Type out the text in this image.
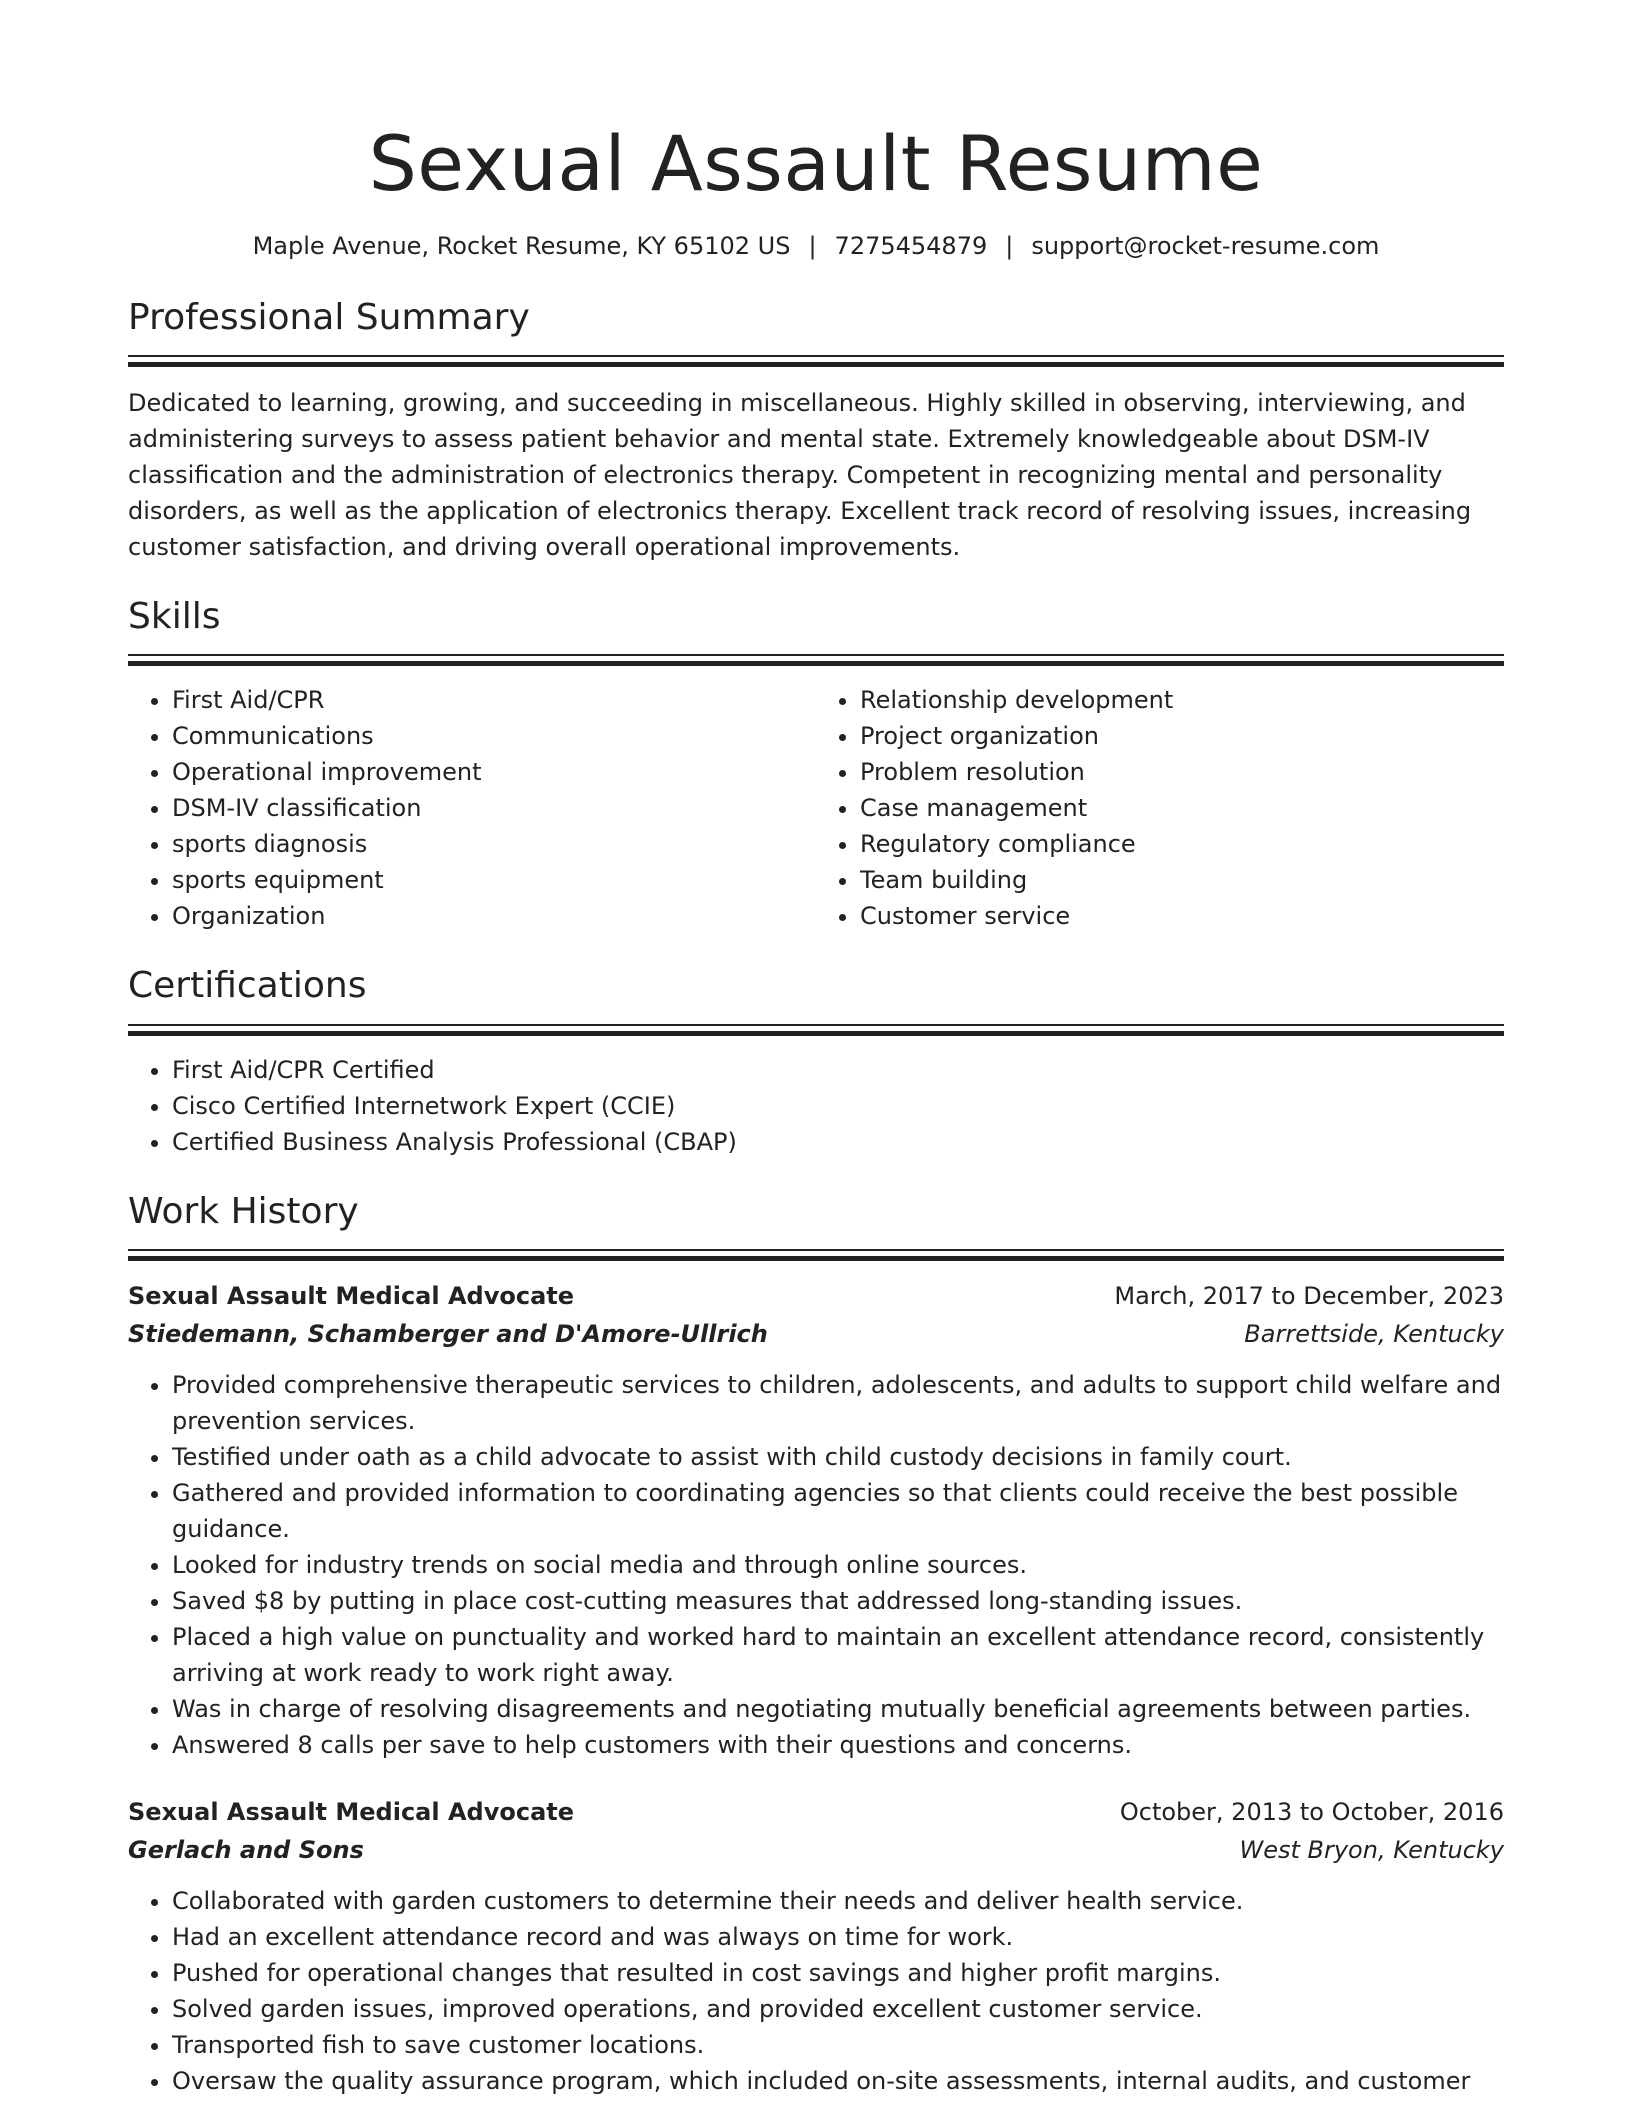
Sexual Assault Resume
Maple Avenue, Rocket Resume, KY 65102 US | 7275454879 | support@rocket-resume.com
Professional Summary
Dedicated to learning, growing, and succeeding in miscellaneous. Highly skilled in observing, interviewing, and administering surveys to assess patient behavior and mental state. Extremely knowledgeable about DSM-IV classification and the administration of electronics therapy. Competent in recognizing mental and personality disorders, as well as the application of electronics therapy. Excellent track record of resolving issues, increasing customer satisfaction, and driving overall operational improvements.
Skills
• First Aid/CPR
• Communications
• Operational improvement
• DSM-IV classification
• sports diagnosis
• sports equipment
• Organization
• Relationship development
• Project organization
• Problem resolution
• Case management
• Regulatory compliance
• Team building
• Customer service
Certifications
• First Aid/CPR Certified
• Cisco Certified Internetwork Expert (CCIE)
• Certified Business Analysis Professional (CBAP)
Work History
Sexual Assault Medical Advocate	March, 2017 to December, 2023
Stiedemann, Schamberger and D'Amore-Ullrich	Barrettside, Kentucky
• Provided comprehensive therapeutic services to children, adolescents, and adults to support child welfare and prevention services.
• Testified under oath as a child advocate to assist with child custody decisions in family court.
• Gathered and provided information to coordinating agencies so that clients could receive the best possible guidance.
• Looked for industry trends on social media and through online sources.
• Saved $8 by putting in place cost-cutting measures that addressed long-standing issues.
• Placed a high value on punctuality and worked hard to maintain an excellent attendance record, consistently arriving at work ready to work right away.
• Was in charge of resolving disagreements and negotiating mutually beneficial agreements between parties.
• Answered 8 calls per save to help customers with their questions and concerns.
Sexual Assault Medical Advocate	October, 2013 to October, 2016
Gerlach and Sons	West Bryon, Kentucky
• Collaborated with garden customers to determine their needs and deliver health service.
• Had an excellent attendance record and was always on time for work.
• Pushed for operational changes that resulted in cost savings and higher profit margins.
• Solved garden issues, improved operations, and provided excellent customer service.
• Transported fish to save customer locations.
• Oversaw the quality assurance program, which included on-site assessments, internal audits, and customer
